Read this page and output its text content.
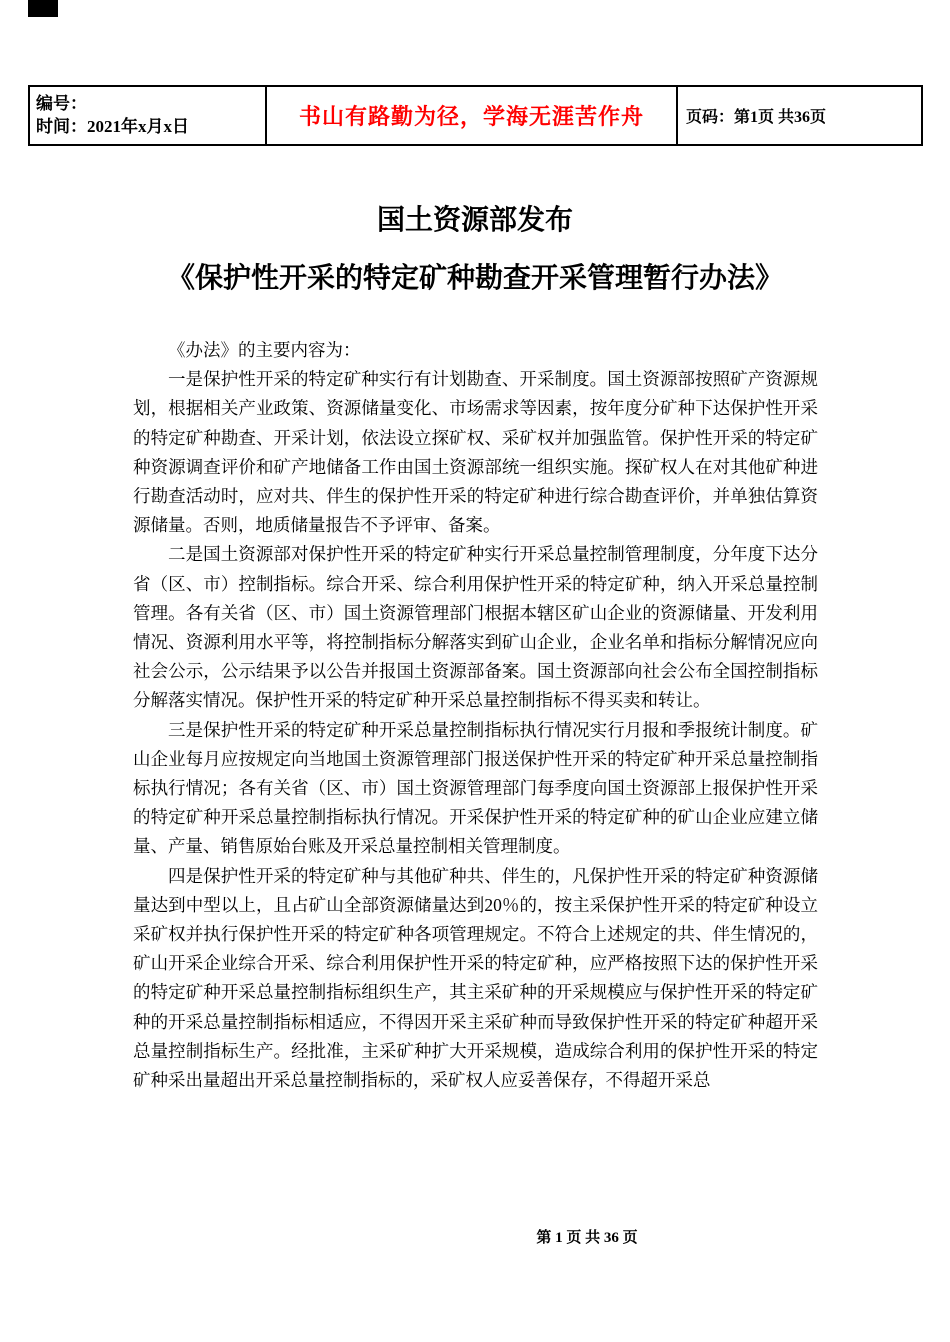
编号：
时间：2021年x月x日	书山有路勤为径，学海无涯苦作舟	页码：第1页 共36页
国土资源部发布
《保护性开采的特定矿种勘查开采管理暂行办法》

《办法》的主要内容为：

一是保护性开采的特定矿种实行有计划勘查、开采制度。国土资源部按照矿产资源规划，根据相关产业政策、资源储量变化、市场需求等因素，按年度分矿种下达保护性开采的特定矿种勘查、开采计划，依法设立探矿权、采矿权并加强监管。保护性开采的特定矿种资源调查评价和矿产地储备工作由国土资源部统一组织实施。探矿权人在对其他矿种进行勘查活动时，应对共、伴生的保护性开采的特定矿种进行综合勘查评价，并单独估算资源储量。否则，地质储量报告不予评审、备案。

二是国土资源部对保护性开采的特定矿种实行开采总量控制管理制度，分年度下达分省（区、市）控制指标。综合开采、综合利用保护性开采的特定矿种，纳入开采总量控制管理。各有关省（区、市）国土资源管理部门根据本辖区矿山企业的资源储量、开发利用情况、资源利用水平等，将控制指标分解落实到矿山企业，企业名单和指标分解情况应向社会公示，公示结果予以公告并报国土资源部备案。国土资源部向社会公布全国控制指标分解落实情况。保护性开采的特定矿种开采总量控制指标不得买卖和转让。

三是保护性开采的特定矿种开采总量控制指标执行情况实行月报和季报统计制度。矿山企业每月应按规定向当地国土资源管理部门报送保护性开采的特定矿种开采总量控制指标执行情况；各有关省（区、市）国土资源管理部门每季度向国土资源部上报保护性开采的特定矿种开采总量控制指标执行情况。开采保护性开采的特定矿种的矿山企业应建立储量、产量、销售原始台账及开采总量控制相关管理制度。

四是保护性开采的特定矿种与其他矿种共、伴生的，凡保护性开采的特定矿种资源储量达到中型以上，且占矿山全部资源储量达到20％的，按主采保护性开采的特定矿种设立采矿权并执行保护性开采的特定矿种各项管理规定。不符合上述规定的共、伴生情况的，矿山开采企业综合开采、综合利用保护性开采的特定矿种，应严格按照下达的保护性开采的特定矿种开采总量控制指标组织生产，其主采矿种的开采规模应与保护性开采的特定矿种的开采总量控制指标相适应，不得因开采主采矿种而导致保护性开采的特定矿种超开采总量控制指标生产。经批准，主采矿种扩大开采规模，造成综合利用的保护性开采的特定矿种采出量超出开采总量控制指标的，采矿权人应妥善保存，不得超开采总

第 1 页 共 36 页
